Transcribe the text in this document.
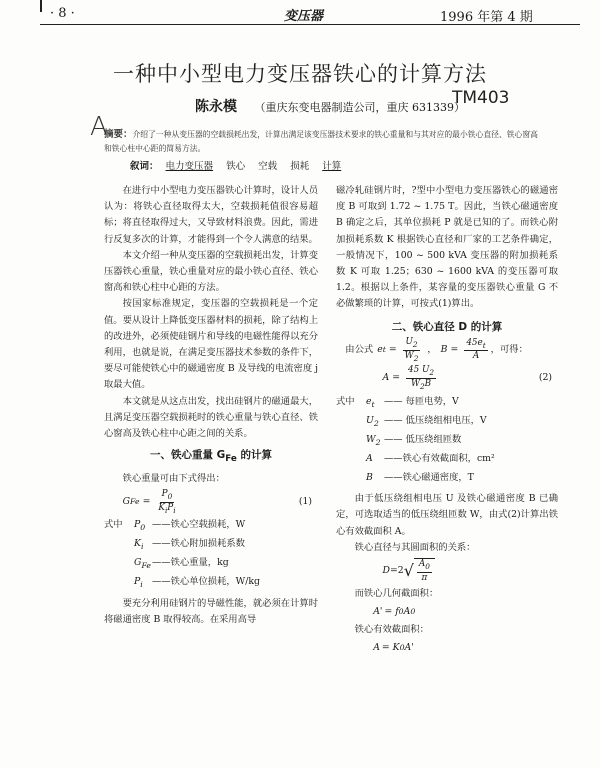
· 8 ·	变压器	1996 年第 4 期
一种中小型电力变压器铁心的计算方法
陈永模 （重庆东变电器制造公司，重庆 631339）
TM403
A
摘要：介绍了一种从变压器的空载损耗出发，计算出满足该变压器技术要求的铁心重量和与其对应的最小铁心直径、铁心窗高和铁心柱中心距的简易方法。
叙词： 电力变压器 铁心 空载 损耗 计算

在进行中小型电力变压器铁心计算时，设计人员认为：将铁心直径取得太大，空载损耗值很容易超标；将直径取得过大，又导致材料浪费。因此，需进行反复多次的计算，才能得到一个令人满意的结果。

本文介绍一种从变压器的空载损耗出发，计算变压器铁心重量，铁心重量对应的最小铁心直径、铁心窗高和铁心柱中心距的方法。

按国家标准规定，变压器的空载损耗是一个定值。要从设计上降低变压器材料的损耗，除了结构上的改进外，必须使硅钢片和导线的电磁性能得以充分利用，也就是说，在满足变压器技术参数的条件下，要尽可能使铁心中的磁通密度 B 及导线的电流密度 j 取最大值。

本文就是从这点出发，找出硅钢片的磁通最大，且满足变压器空载损耗时的铁心重量与铁心直径、铁心窗高及铁心柱中心距之间的关系。

一、铁心重量 $G_{Fe}$ 的计算

铁心重量可由下式得出：

G $Fe = \frac{P_0}{K_iP_i}$	(1)
式中	$P_0$ ——铁心空载损耗，W
$K_i$ ——铁心附加损耗系数
$G_{Fe}$ ——铁心重量，kg
$P_i$ ——铁心单位损耗，W/kg

要充分利用硅钢片的导磁性能，就必须在计算时将磁通密度 B 取得较高。在采用高导

磁冷轧硅钢片时，?型中小型电力变压器铁心的磁通密度 B 可取到 1.72 ~ 1.75 T。因此，当铁心磁通密度 B 确定之后，其单位损耗 P 就是已知的了。而铁心附加损耗系数 K 根据铁心直径和厂家的工艺条件确定，一般情况下，100 ~ 500 kVA 变压器的附加损耗系数 K 可取 1.25；630 ~ 1600 kVA 的变压器可取 1.2。根据以上条件，某容量的变压器铁心重量 G 不必做繁琐的计算，可按式(1)算出。

二、铁心直径 D 的计算
由公式 e $t = \frac{U_2}{W_2}$ ， $B = \frac{45e_t}{A}$ ，可得：
$A = \frac{45 U_2}{W_2B}$	(2)
式中	$e_t$	—— 每匝电势，V
$U_2$ —— 低压绕组相电压，V
$W_2$ —— 低压绕组匝数
A	——铁心有效截面积，cm²
B	——铁心磁通密度，T

由于低压绕组相电压 U 及铁心磁通密度 B 已确定，可选取适当的低压绕组匝数 W，由式(2)计算出铁心有效截面积 A。

铁心直径与其圆面积的关系：

D =2 √ $\frac{A_0}{\pi}$

而铁心几何截面积：

A' = f 0 A 0

铁心有效截面积：

A = K 0 A'
